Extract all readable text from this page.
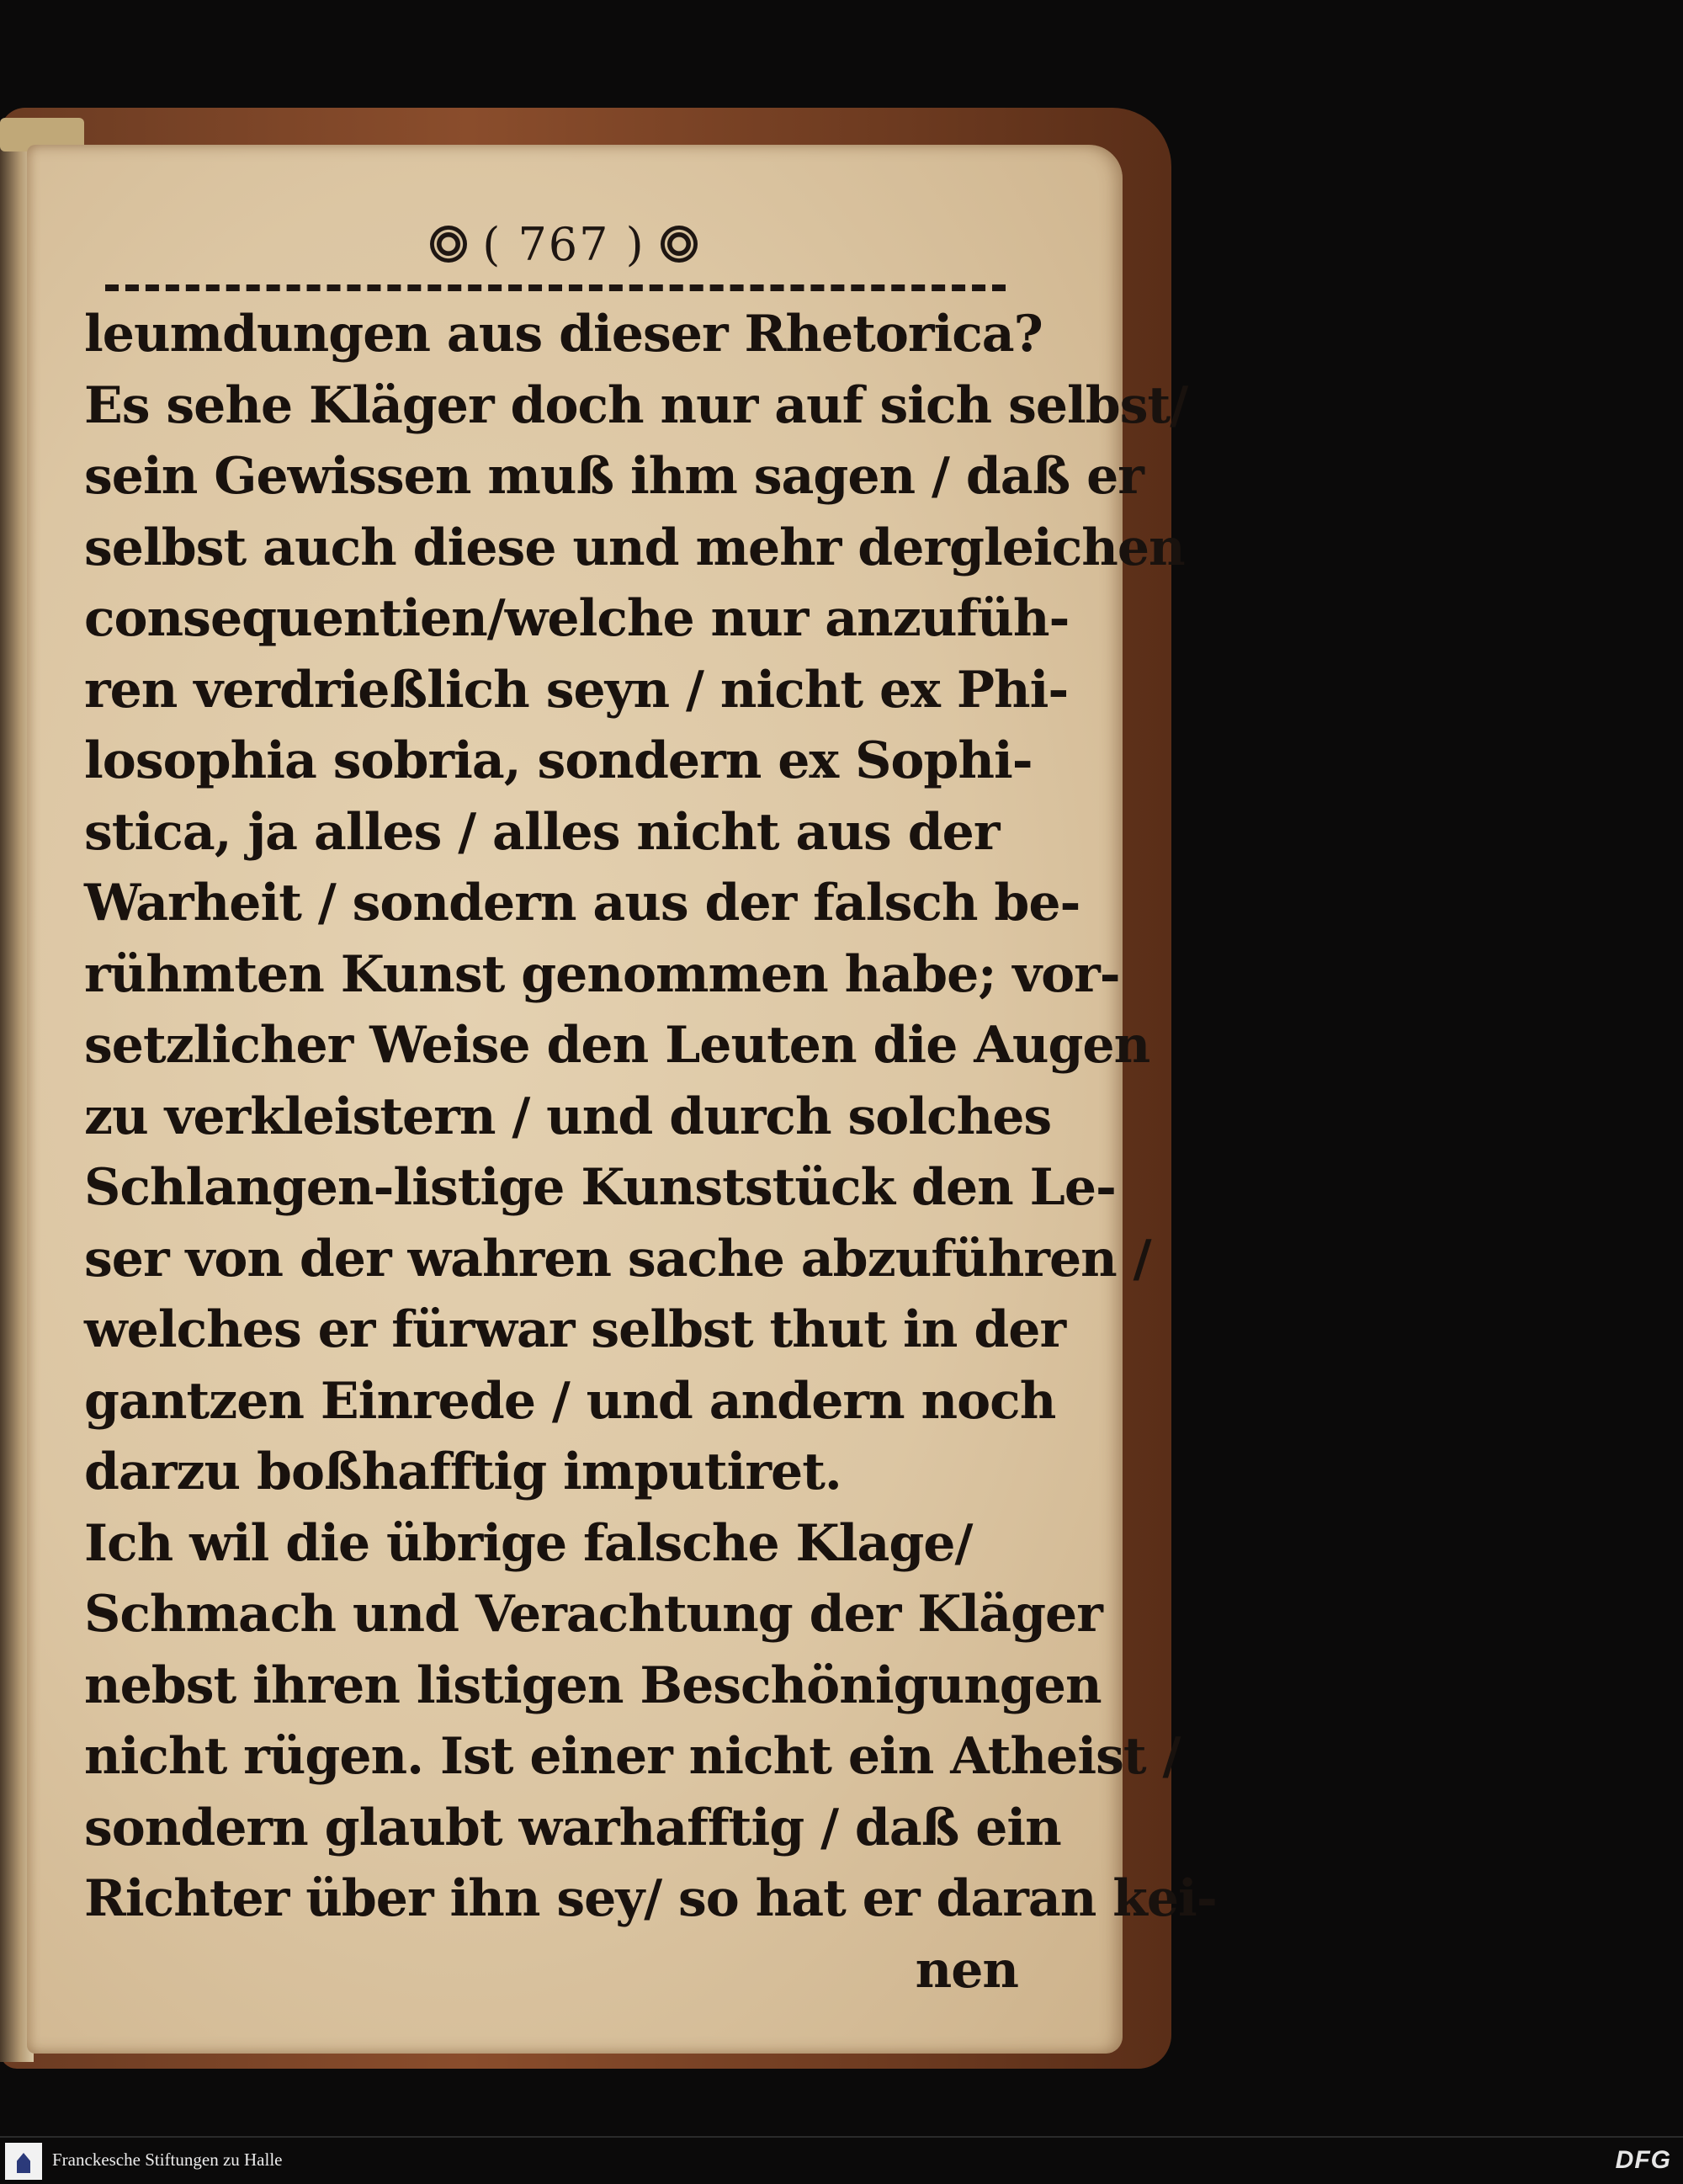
( 767 )
leumdungen aus dieser Rhetorica?
Es sehe Kläger doch nur auf sich selbst/
sein Gewissen muß ihm sagen / daß er
selbst auch diese und mehr dergleichen
consequentien/welche nur anzufüh-
ren verdrießlich seyn / nicht ex Phi-
losophia sobria, sondern ex Sophi-
stica, ja alles / alles nicht aus der
Warheit / sondern aus der falsch be-
rühmten Kunst genommen habe; vor-
setzlicher Weise den Leuten die Augen
zu verkleistern / und durch solches
Schlangen-listige Kunststück den Le-
ser von der wahren sache abzuführen /
welches er fürwar selbst thut in der
gantzen Einrede / und andern noch
darzu boßhafftig imputiret.
Ich wil die übrige falsche Klage/
Schmach und Verachtung der Kläger
nebst ihren listigen Beschönigungen
nicht rügen. Ist einer nicht ein Atheist /
sondern glaubt warhafftig / daß ein
Richter über ihn sey/ so hat er daran kei-
nen
Franckesche Stiftungen zu Halle	DFG
